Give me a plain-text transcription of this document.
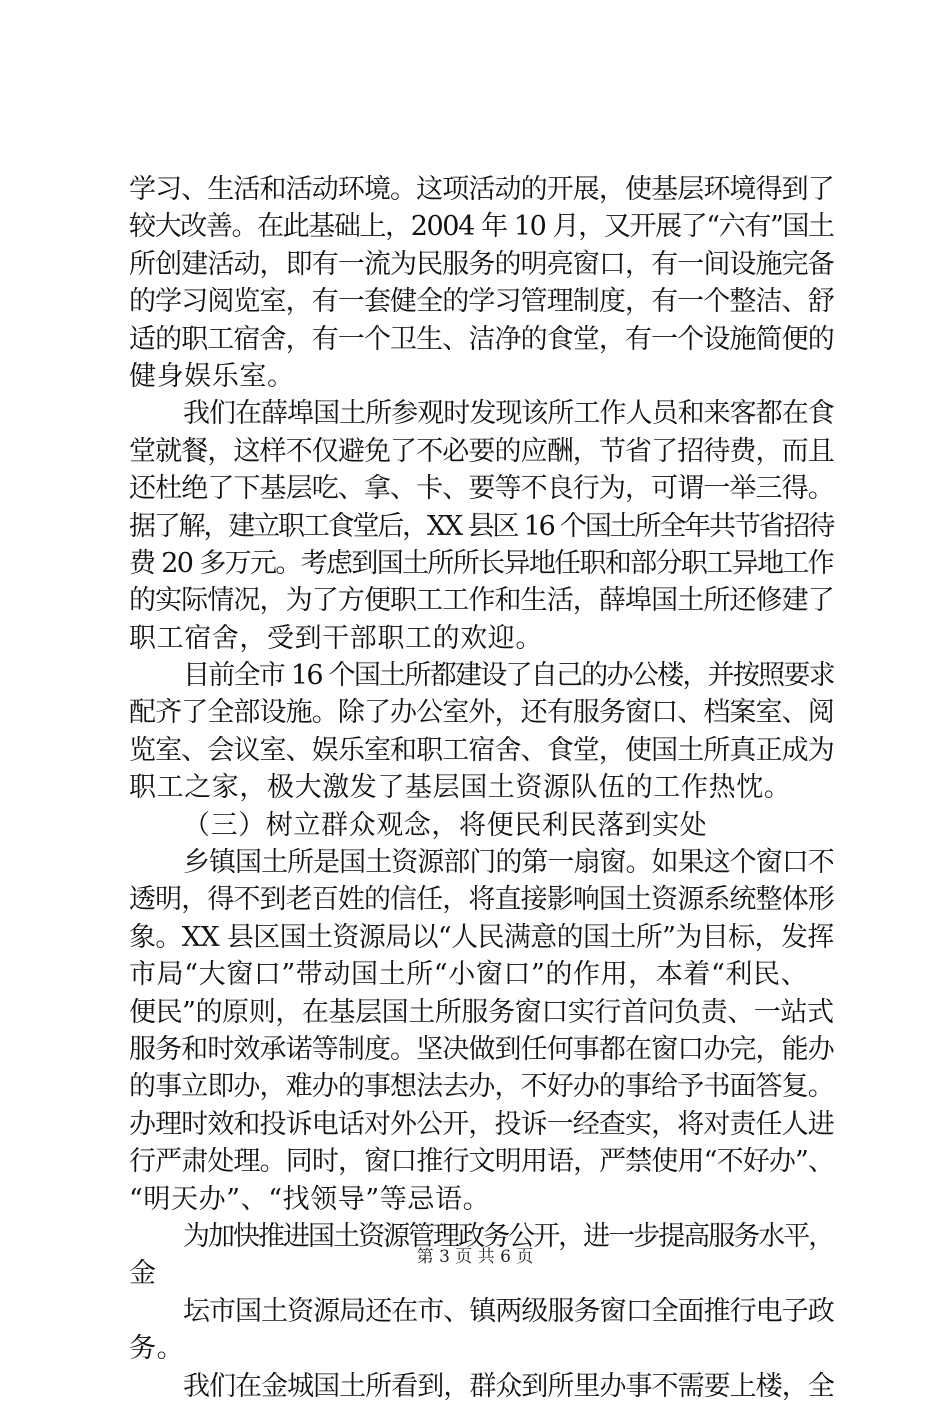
学习、生活和活动环境。这项活动的开展，使基层环境得到了
较大改善。在此基础上，2004 年 10 月，又开展了“六有”国土
所创建活动，即有一流为民服务的明亮窗口，有一间设施完备
的学习阅览室，有一套健全的学习管理制度，有一个整洁、舒
适的职工宿舍，有一个卫生、洁净的食堂，有一个设施简便的
健身娱乐室。
我们在薛埠国土所参观时发现该所工作人员和来客都在食
堂就餐，这样不仅避免了不必要的应酬，节省了招待费，而且
还杜绝了下基层吃、拿、卡、要等不良行为，可谓一举三得。
据了解，建立职工食堂后，XX 县区 16 个国土所全年共节省招待
费 20 多万元。考虑到国土所所长异地任职和部分职工异地工作
的实际情况，为了方便职工工作和生活，薛埠国土所还修建了
职工宿舍，受到干部职工的欢迎。
目前全市 16 个国土所都建设了自己的办公楼，并按照要求
配齐了全部设施。除了办公室外，还有服务窗口、档案室、阅
览室、会议室、娱乐室和职工宿舍、食堂，使国土所真正成为
职工之家，极大激发了基层国土资源队伍的工作热忱。
（三）树立群众观念，将便民利民落到实处
乡镇国土所是国土资源部门的第一扇窗。如果这个窗口不
透明，得不到老百姓的信任，将直接影响国土资源系统整体形
象。XX 县区国土资源局以“人民满意的国土所”为目标，发挥
市局“大窗口”带动国土所“小窗口”的作用，本着“利民、
便民”的原则，在基层国土所服务窗口实行首问负责、一站式
服务和时效承诺等制度。坚决做到任何事都在窗口办完，能办
的事立即办，难办的事想法去办，不好办的事给予书面答复。
办理时效和投诉电话对外公开，投诉一经查实，将对责任人进
行严肃处理。同时，窗口推行文明用语，严禁使用“不好办”、
“明天办”、“找领导”等忌语。
为加快推进国土资源管理政务公开，进一步提高服务水平，
金
坛市国土资源局还在市、镇两级服务窗口全面推行电子政
务。
我们在金城国土所看到，群众到所里办事不需要上楼，全
第 3 页 共 6 页
